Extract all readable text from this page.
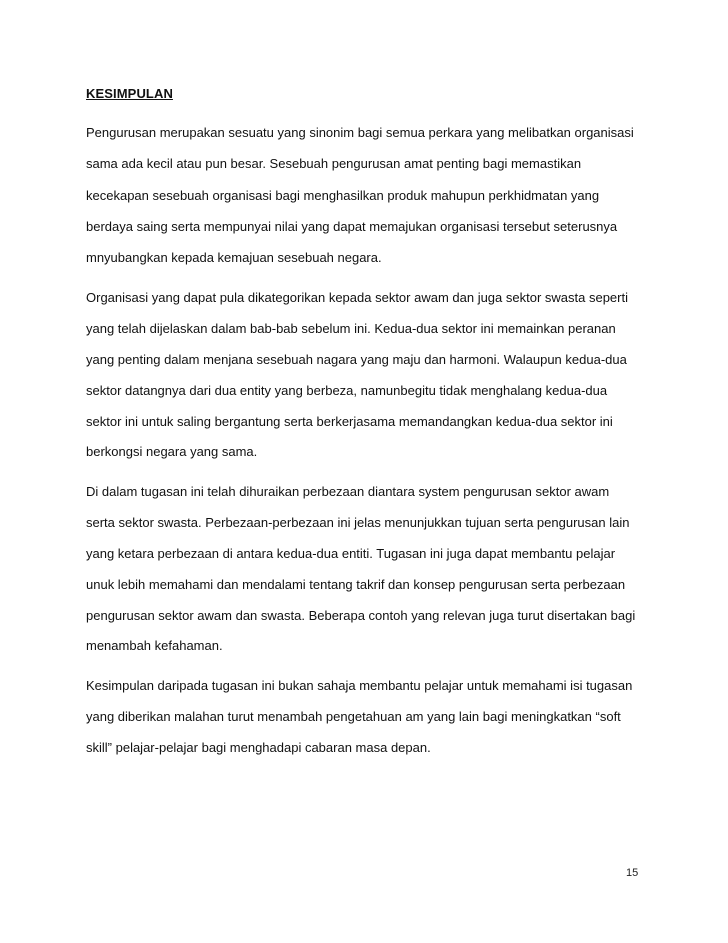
KESIMPULAN
Pengurusan merupakan sesuatu yang sinonim bagi semua perkara yang melibatkan organisasi
sama ada kecil atau pun besar. Sesebuah pengurusan amat penting bagi memastikan
kecekapan sesebuah organisasi bagi menghasilkan produk mahupun perkhidmatan yang
berdaya saing serta mempunyai nilai yang dapat memajukan organisasi tersebut seterusnya
mnyubangkan kepada kemajuan sesebuah negara.
Organisasi yang dapat pula dikategorikan kepada sektor awam dan juga sektor swasta seperti
yang telah dijelaskan dalam bab-bab sebelum ini. Kedua-dua sektor ini memainkan peranan
yang penting dalam menjana sesebuah nagara yang maju dan harmoni. Walaupun kedua-dua
sektor datangnya dari dua entity yang berbeza, namunbegitu tidak menghalang kedua-dua
sektor ini untuk saling bergantung serta berkerjasama memandangkan kedua-dua sektor ini
berkongsi negara yang sama.
Di dalam tugasan ini telah dihuraikan perbezaan diantara system pengurusan sektor awam
serta sektor swasta. Perbezaan-perbezaan ini jelas menunjukkan tujuan serta pengurusan lain
yang ketara perbezaan di antara kedua-dua entiti. Tugasan ini juga dapat membantu pelajar
unuk lebih memahami dan mendalami tentang takrif dan konsep pengurusan serta perbezaan
pengurusan sektor awam dan swasta. Beberapa contoh yang relevan juga turut disertakan bagi
menambah kefahaman.
Kesimpulan daripada tugasan ini bukan sahaja membantu pelajar untuk memahami isi tugasan
yang diberikan malahan turut menambah pengetahuan am yang lain bagi meningkatkan “soft
skill” pelajar-pelajar bagi menghadapi cabaran masa depan.
15
